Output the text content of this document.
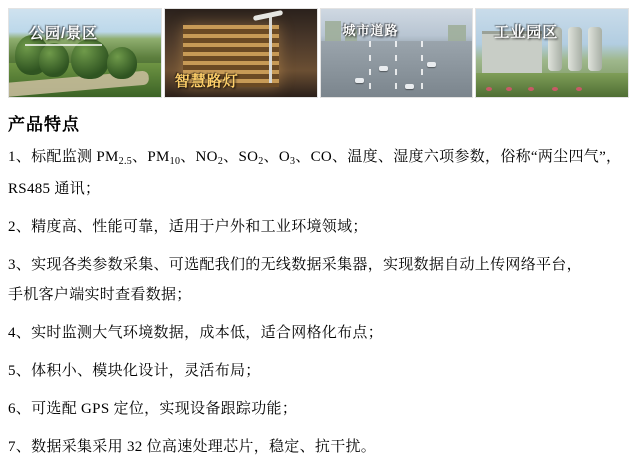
公园/景区
智慧路灯
城市道路	工业园区
产品特点

1、标配监测 $PM_{2.5}$、$PM_{10}$、$NO_2$、$SO_2$、$O_3$、CO、温度、湿度六项参数，俗称“两尘四气”，
RS485 通讯；

2、精度高、性能可靠，适用于户外和工业环境领域；

3、实现各类参数采集、可选配我们的无线数据采集器，实现数据自动上传网络平台，
手机客户端实时查看数据；

4、实时监测大气环境数据，成本低，适合网格化布点；

5、体积小、模块化设计，灵活布局；

6、可选配 GPS 定位，实现设备跟踪功能；

7、数据采集采用 32 位高速处理芯片，稳定、抗干扰。
